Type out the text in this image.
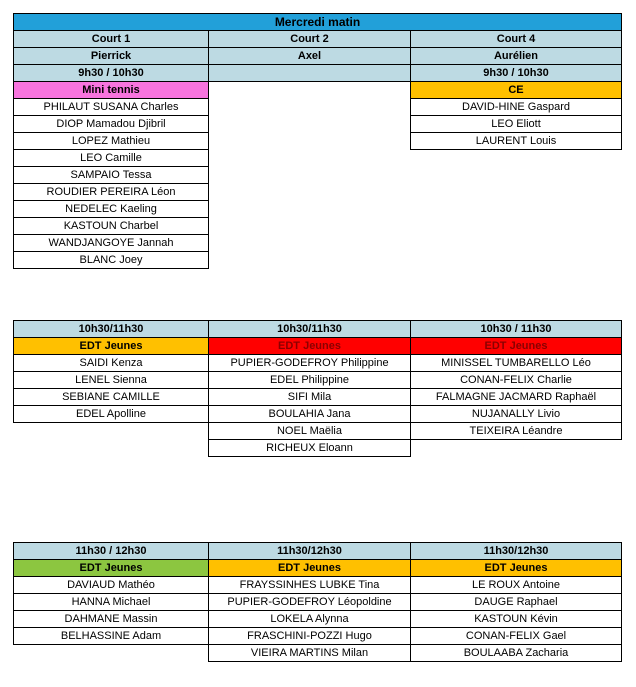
Mercredi matin
Court 1
Pierrick
9h30 / 10h30
Mini tennis
PHILAUT SUSANA Charles
DIOP Mamadou Djibril
LOPEZ Mathieu
LEO Camille
SAMPAIO Tessa
ROUDIER PEREIRA Léon
NEDELEC Kaeling
KASTOUN Charbel
WANDJANGOYE Jannah
BLANC Joey
Court 2
Axel
Court 4
Aurélien
9h30 / 10h30
CE
DAVID-HINE Gaspard
LEO Eliott
LAURENT Louis
10h30/11h30
EDT Jeunes
SAIDI Kenza
LENEL Sienna
SEBIANE CAMILLE
EDEL Apolline
10h30/11h30
EDT Jeunes
PUPIER-GODEFROY Philippine
EDEL Philippine
SIFI Mila
BOULAHIA Jana
NOEL Maëlia
RICHEUX Eloann
10h30 / 11h30
EDT Jeunes
MINISSEL TUMBARELLO Léo
CONAN-FELIX Charlie
FALMAGNE JACMARD Raphaël
NUJANALLY Livio
TEIXEIRA Léandre
11h30 / 12h30
EDT Jeunes
DAVIAUD Mathéo
HANNA Michael
DAHMANE Massin
BELHASSINE Adam
11h30/12h30
EDT Jeunes
FRAYSSINHES LUBKE Tina
PUPIER-GODEFROY Léopoldine
LOKELA Alynna
FRASCHINI-POZZI Hugo
VIEIRA MARTINS Milan
11h30/12h30
EDT Jeunes
LE ROUX Antoine
DAUGE Raphael
KASTOUN Kévin
CONAN-FELIX Gael
BOULAABA Zacharia
